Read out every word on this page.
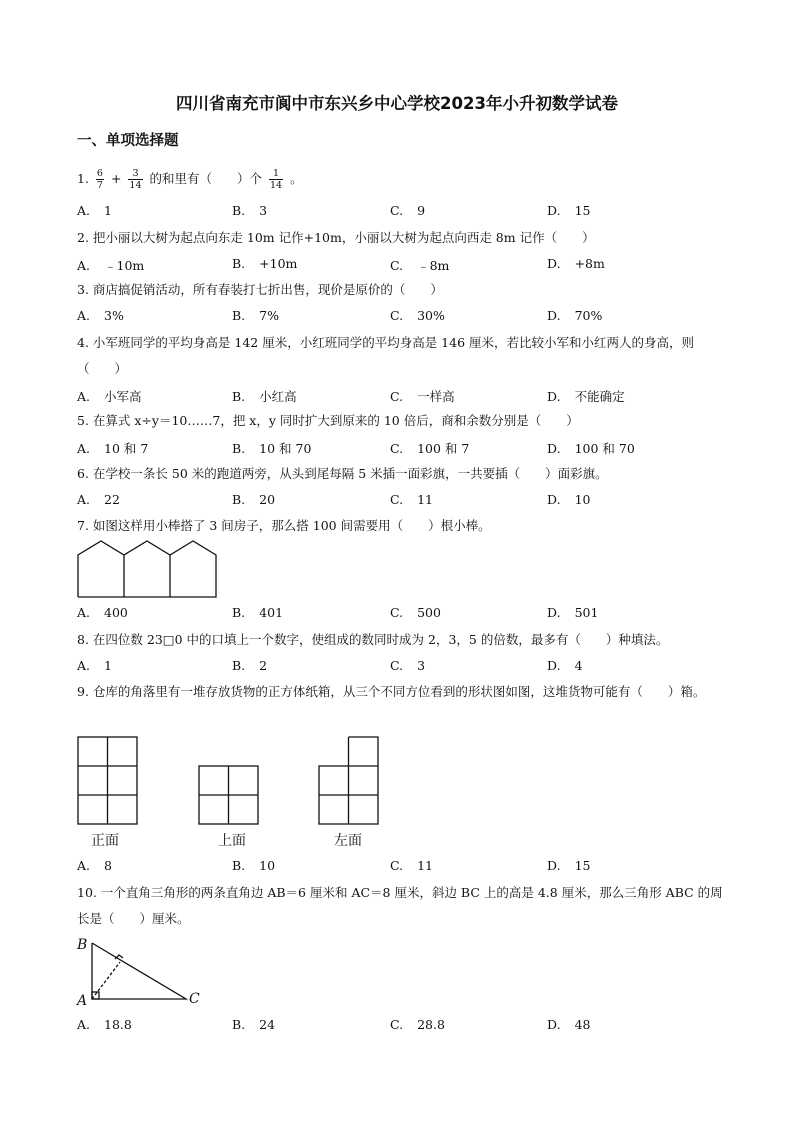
四川省南充市阆中市东兴乡中心学校2023年小升初数学试卷
一、单项选择题
1. $\frac{6}{7} + \frac{3}{14}$ 的和里有（　　）个 $\frac{1}{14}$ 。
A. 1	B. 3	C. 9	D. 15
2. 把小丽以大树为起点向东走 10m 记作+10m，小丽以大树为起点向西走 8m 记作（　　）
A. ﹣10m	B. +10m	C. ﹣8m	D. +8m
3. 商店搞促销活动，所有春装打七折出售，现价是原价的（　　）
A. 3%	B. 7%	C. 30%	D. 70%
4. 小军班同学的平均身高是 142 厘米，小红班同学的平均身高是 146 厘米，若比较小军和小红两人的身高，则（　　）
A. 小军高	B. 小红高	C. 一样高	D. 不能确定
5. 在算式 x÷y＝10……7，把 x，y 同时扩大到原来的 10 倍后，商和余数分别是（　　）
A. 10 和 7	B. 10 和 70	C. 100 和 7	D. 100 和 70
6. 在学校一条长 50 米的跑道两旁，从头到尾每隔 5 米插一面彩旗，一共要插（　　）面彩旗。
A. 22	B. 20	C. 11	D. 10
7. 如图这样用小棒搭了 3 间房子，那么搭 100 间需要用（　　）根小棒。
A. 400	B. 401	C. 500	D. 501
8. 在四位数 23□0 中的口填上一个数字，使组成的数同时成为 2，3，5 的倍数，最多有（　　）种填法。
A. 1	B. 2	C. 3	D. 4
9. 仓库的角落里有一堆存放货物的正方体纸箱，从三个不同方位看到的形状图如图，这堆货物可能有（　　）箱。
正面	上面	左面
A. 8	B. 10	C. 11	D. 15
10. 一个直角三角形的两条直角边 AB＝6 厘米和 AC＝8 厘米，斜边 BC 上的高是 4.8 厘米，那么三角形 ABC 的周长是（　　）厘米。
B
A	C
A. 18.8	B. 24	C. 28.8	D. 48
